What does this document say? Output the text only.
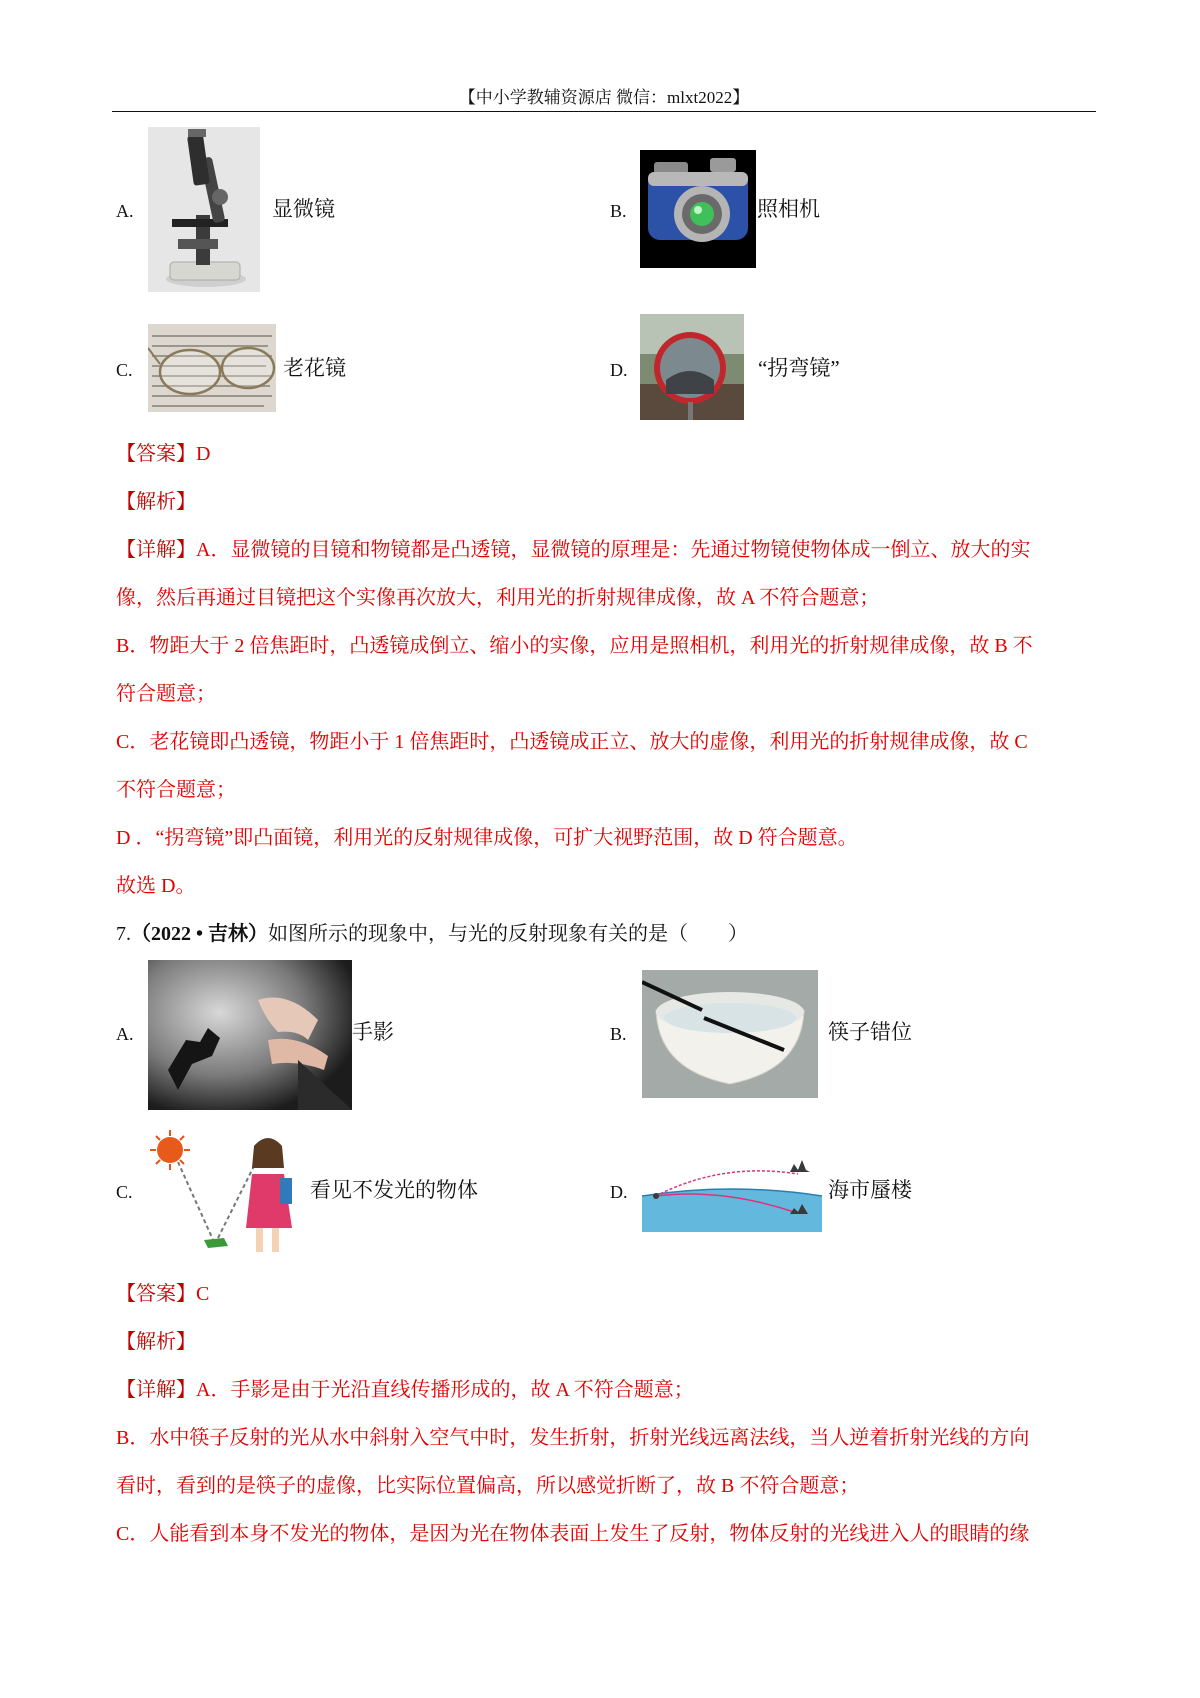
【中小学教辅资源店 微信：mlxt2022】
A.	显微镜	B.	照相机
C.	老花镜	D.	“拐弯镜”
【答案】D
【解析】
【详解】A．显微镜的目镜和物镜都是凸透镜，显微镜的原理是：先通过物镜使物体成一倒立、放大的实
像，然后再通过目镜把这个实像再次放大，利用光的折射规律成像，故 A 不符合题意；
B．物距大于 2 倍焦距时，凸透镜成倒立、缩小的实像，应用是照相机，利用光的折射规律成像，故 B 不
符合题意；
C．老花镜即凸透镜，物距小于 1 倍焦距时，凸透镜成正立、放大的虚像，利用光的折射规律成像，故 C
不符合题意；
D ．“拐弯镜”即凸面镜，利用光的反射规律成像，可扩大视野范围，故 D 符合题意。
故选 D。
7.（2022 • 吉林）如图所示的现象中，与光的反射现象有关的是（　　）
A.	手影	B.	筷子错位
C.	看见不发光的物体	D.	海市蜃楼
【答案】C
【解析】
【详解】A．手影是由于光沿直线传播形成的，故 A 不符合题意；
B．水中筷子反射的光从水中斜射入空气中时，发生折射，折射光线远离法线，当人逆着折射光线的方向
看时，看到的是筷子的虚像，比实际位置偏高，所以感觉折断了，故 B 不符合题意；
C．人能看到本身不发光的物体，是因为光在物体表面上发生了反射，物体反射的光线进入人的眼睛的缘
